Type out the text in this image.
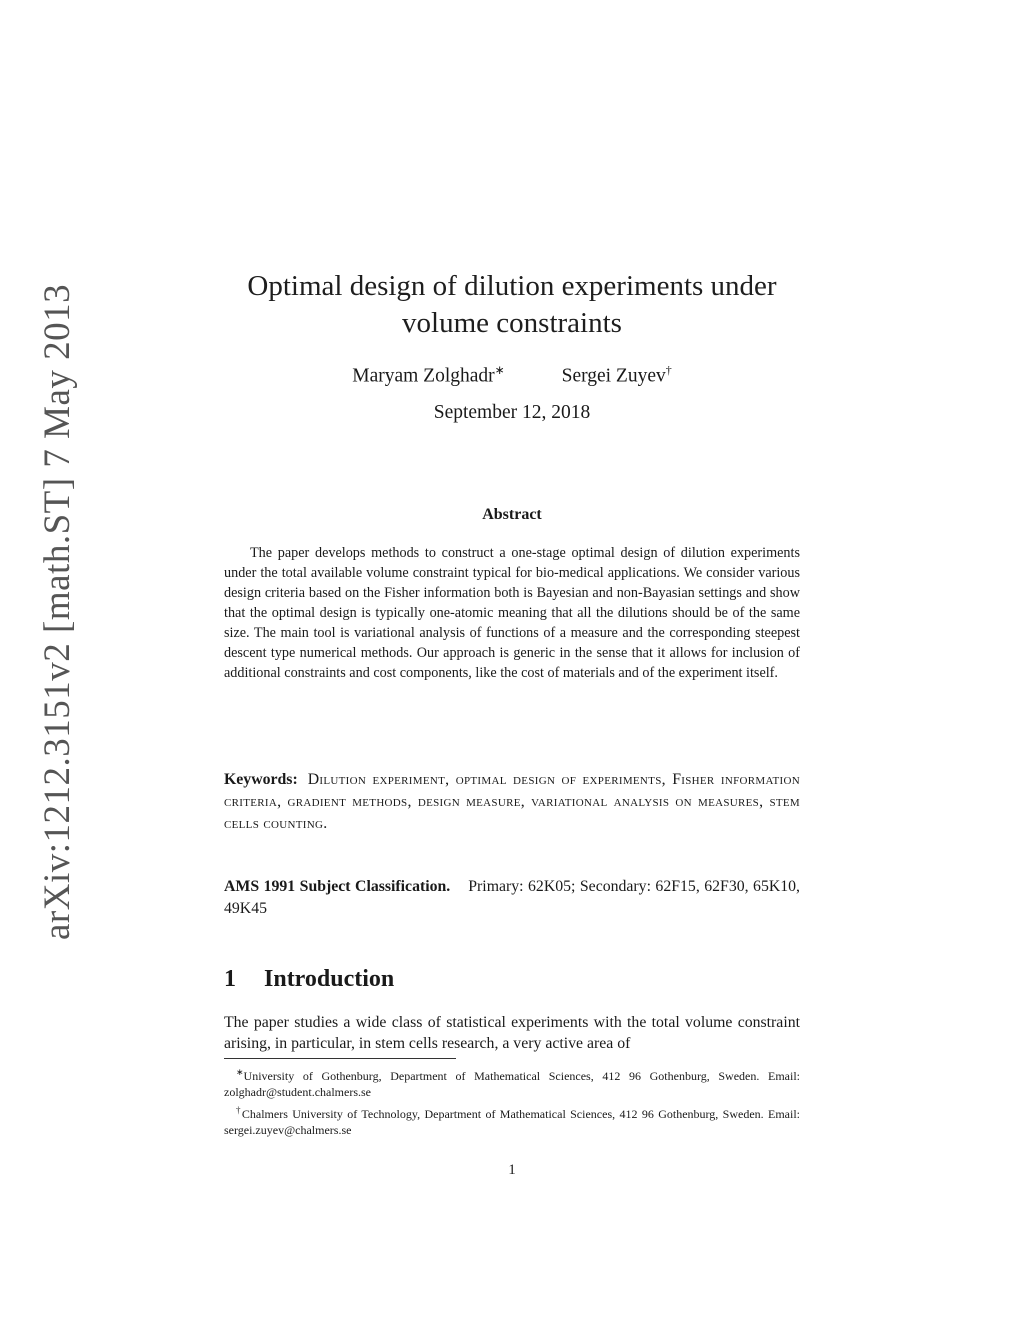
arXiv:1212.3151v2 [math.ST] 7 May 2013	Optimal design of dilution experiments under
volume constraints
Maryam Zolghadr∗	Sergei Zuyev†
September 12, 2018
Abstract

The paper develops methods to construct a one-stage optimal design of dilution experiments under the total available volume constraint typical for bio-medical applications. We consider various design criteria based on the Fisher information both is Bayesian and non-Bayasian settings and show that the optimal design is typically one-atomic meaning that all the dilutions should be of the same size. The main tool is variational analysis of functions of a measure and the corresponding steepest descent type numerical methods. Our approach is generic in the sense that it allows for inclusion of additional constraints and cost components, like the cost of materials and of the experiment itself.

Keywords: Dilution experiment, optimal design of experiments, Fisher information criteria, gradient methods, design measure, variational analysis on measures, stem cells counting.

AMS 1991 Subject Classification. Primary: 62K05; Secondary: 62F15, 62F30, 65K10, 49K45

1 Introduction

The paper studies a wide class of statistical experiments with the total volume constraint arising, in particular, in stem cells research, a very active area of

∗University of Gothenburg, Department of Mathematical Sciences, 412 96 Gothenburg, Sweden. Email: zolghadr@student.chalmers.se

†Chalmers University of Technology, Department of Mathematical Sciences, 412 96 Gothenburg, Sweden. Email: sergei.zuyev@chalmers.se

1
